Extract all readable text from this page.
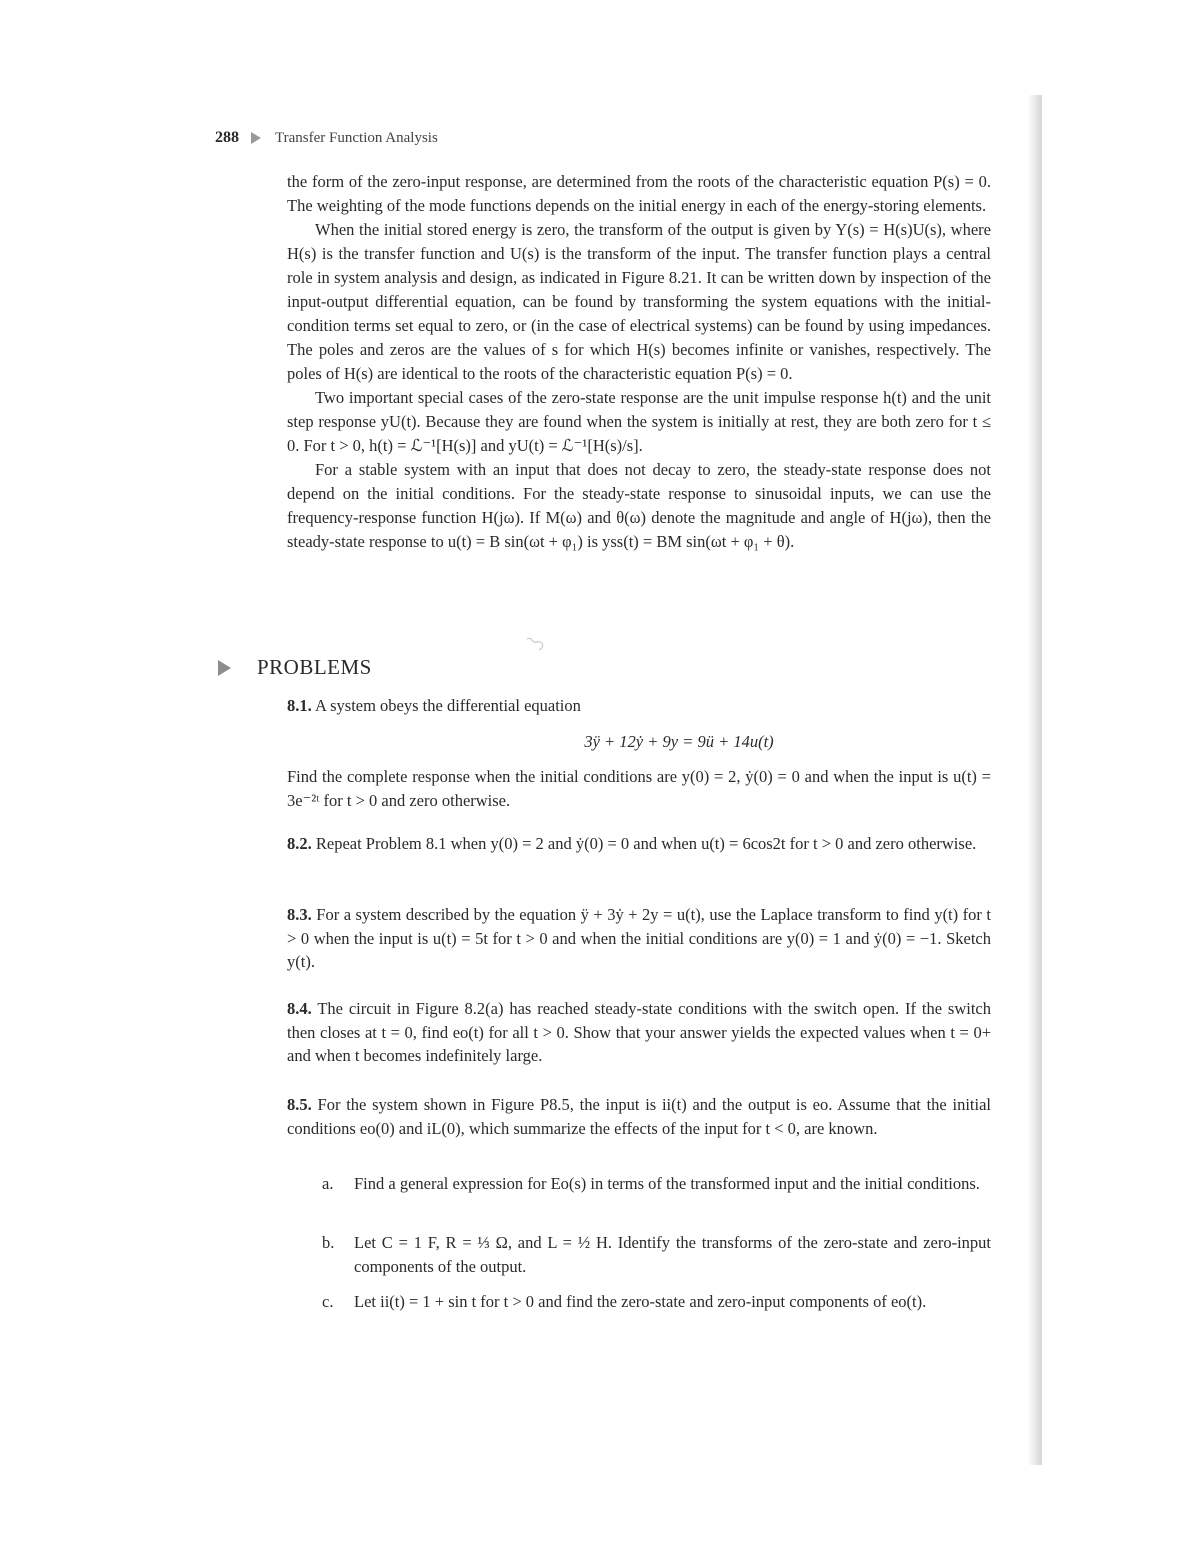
288 Transfer Function Analysis

the form of the zero-input response, are determined from the roots of the characteristic equation P(s) = 0. The weighting of the mode functions depends on the initial energy in each of the energy-storing elements.

When the initial stored energy is zero, the transform of the output is given by Y(s) = H(s)U(s), where H(s) is the transfer function and U(s) is the transform of the input. The transfer function plays a central role in system analysis and design, as indicated in Figure 8.21. It can be written down by inspection of the input-output differential equation, can be found by transforming the system equations with the initial-condition terms set equal to zero, or (in the case of electrical systems) can be found by using impedances. The poles and zeros are the values of s for which H(s) becomes infinite or vanishes, respectively. The poles of H(s) are identical to the roots of the characteristic equation P(s) = 0.

Two important special cases of the zero-state response are the unit impulse response h(t) and the unit step response yU(t). Because they are found when the system is initially at rest, they are both zero for t ≤ 0. For t > 0, h(t) = ℒ⁻¹[H(s)] and yU(t) = ℒ⁻¹[H(s)/s].

For a stable system with an input that does not decay to zero, the steady-state response does not depend on the initial conditions. For the steady-state response to sinusoidal inputs, we can use the frequency-response function H(jω). If M(ω) and θ(ω) denote the magnitude and angle of H(jω), then the steady-state response to u(t) = B sin(ωt + φ₁) is yss(t) = BM sin(ωt + φ₁ + θ).

PROBLEMS

8.1. A system obeys the differential equation

3ÿ + 12ẏ + 9y = 9ü + 14u(t)

Find the complete response when the initial conditions are y(0) = 2, ẏ(0) = 0 and when the input is u(t) = 3e⁻²ᵗ for t > 0 and zero otherwise.

8.2. Repeat Problem 8.1 when y(0) = 2 and ẏ(0) = 0 and when u(t) = 6cos2t for t > 0 and zero otherwise.

8.3. For a system described by the equation ÿ + 3ẏ + 2y = u(t), use the Laplace transform to find y(t) for t > 0 when the input is u(t) = 5t for t > 0 and when the initial conditions are y(0) = 1 and ẏ(0) = −1. Sketch y(t).

8.4. The circuit in Figure 8.2(a) has reached steady-state conditions with the switch open. If the switch then closes at t = 0, find eo(t) for all t > 0. Show that your answer yields the expected values when t = 0+ and when t becomes indefinitely large.

8.5. For the system shown in Figure P8.5, the input is ii(t) and the output is eo. Assume that the initial conditions eo(0) and iL(0), which summarize the effects of the input for t < 0, are known.

a.	Find a general expression for Eo(s) in terms of the transformed input and the initial conditions.
b.	Let C = 1 F, R = ⅓ Ω, and L = ½ H. Identify the transforms of the zero-state and zero-input components of the output.
c.	Let ii(t) = 1 + sin t for t > 0 and find the zero-state and zero-input components of eo(t).
